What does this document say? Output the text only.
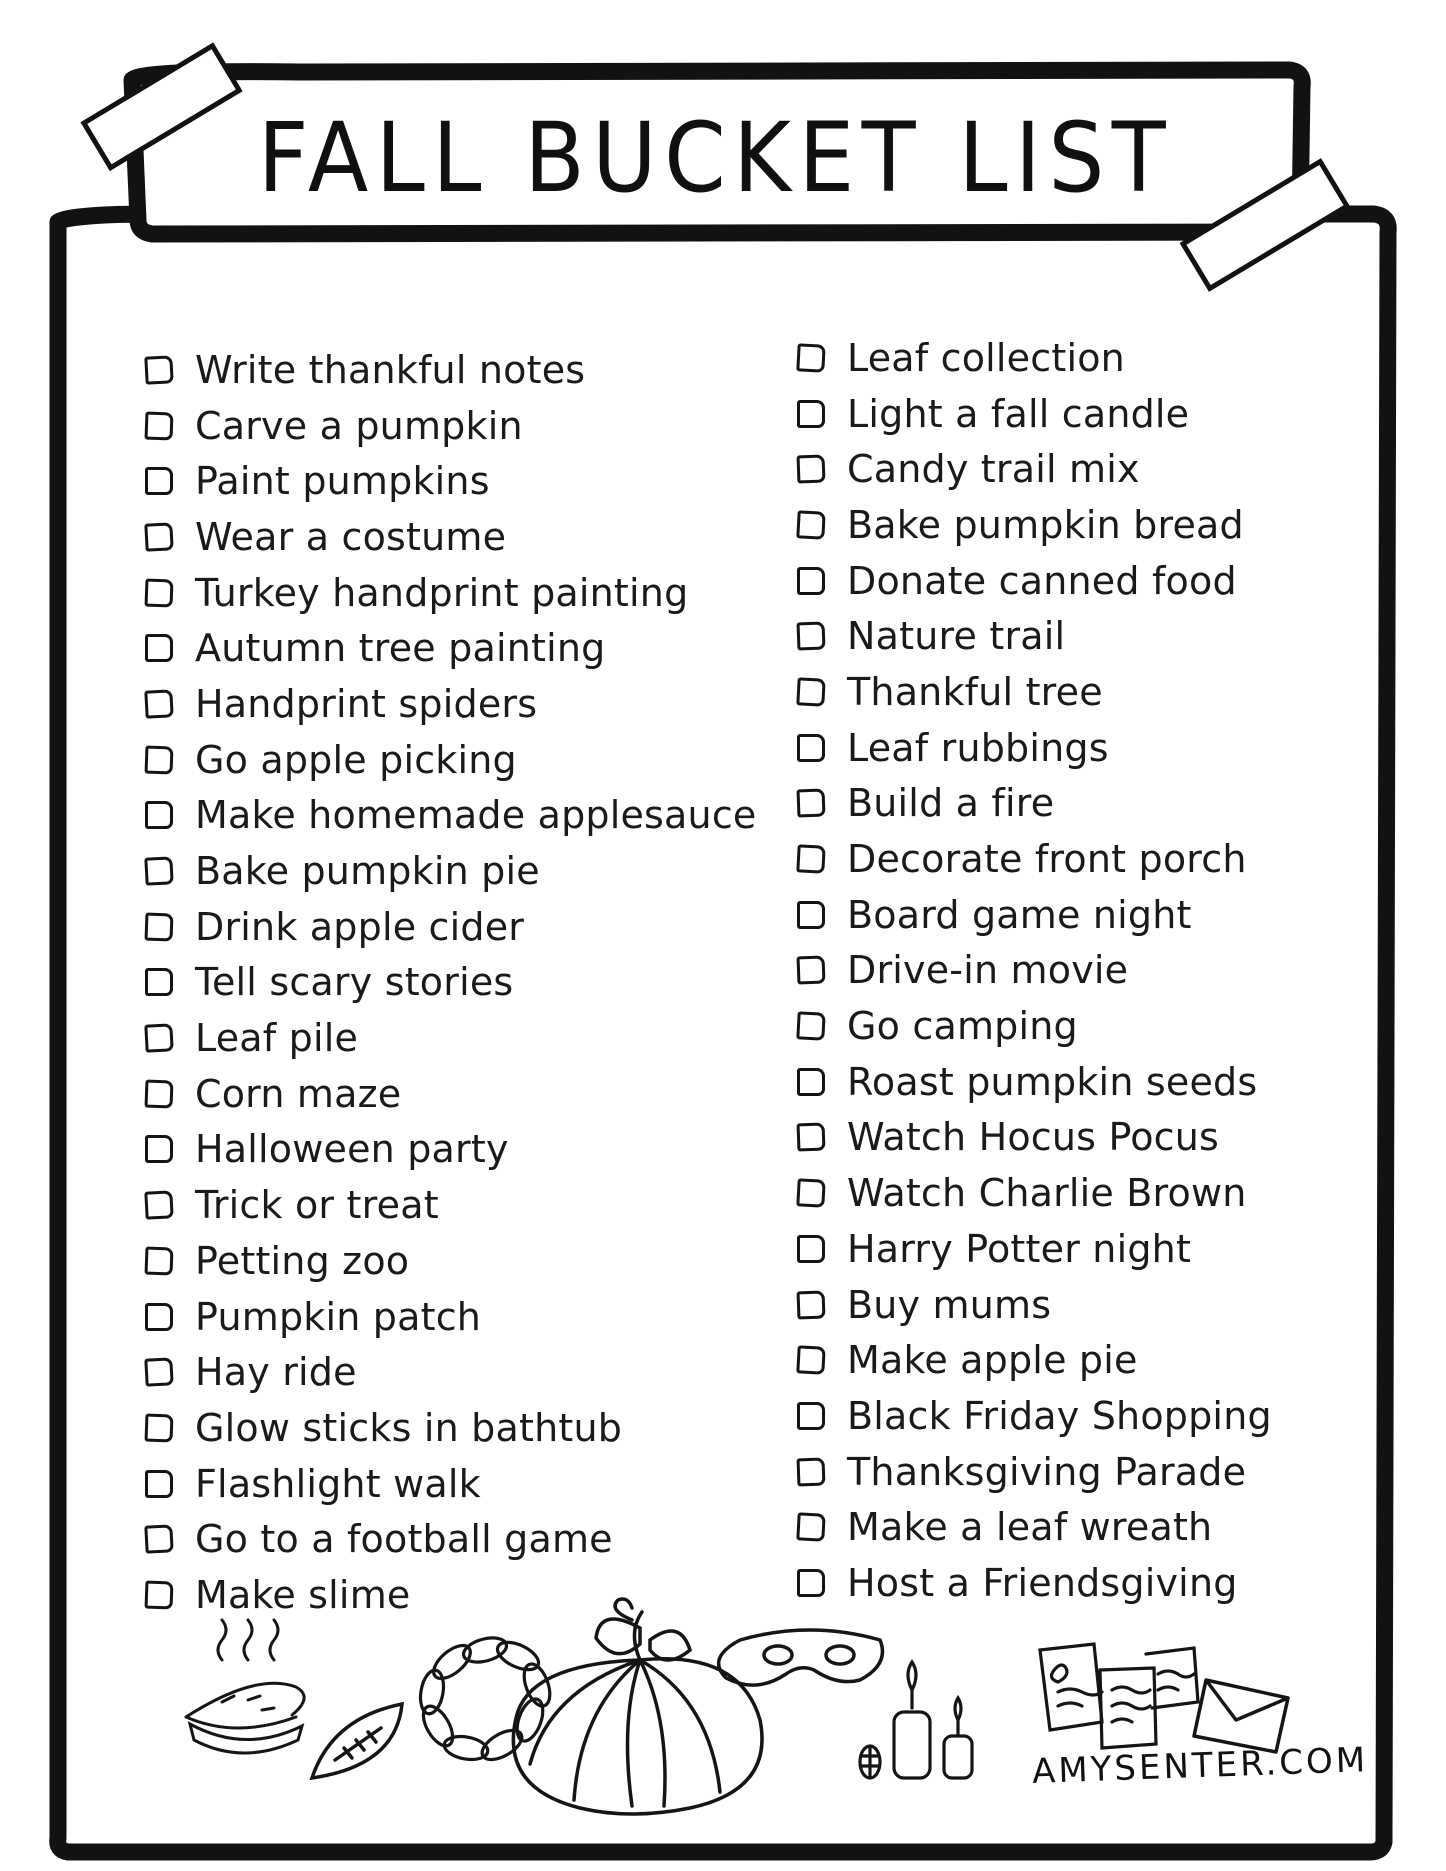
FALL BUCKET LIST
Write thankful notes
Carve a pumpkin
Paint pumpkins
Wear a costume
Turkey handprint painting
Autumn tree painting
Handprint spiders
Go apple picking
Make homemade applesauce
Bake pumpkin pie
Drink apple cider
Tell scary stories
Leaf pile
Corn maze
Halloween party
Trick or treat
Petting zoo
Pumpkin patch
Hay ride
Glow sticks in bathtub
Flashlight walk
Go to a football game
Make slime
Leaf collection
Light a fall candle
Candy trail mix
Bake pumpkin bread
Donate canned food
Nature trail
Thankful tree
Leaf rubbings
Build a fire
Decorate front porch
Board game night
Drive-in movie
Go camping
Roast pumpkin seeds
Watch Hocus Pocus
Watch Charlie Brown
Harry Potter night
Buy mums
Make apple pie
Black Friday Shopping
Thanksgiving Parade
Make a leaf wreath
Host a Friendsgiving
AMYSENTER.COM
